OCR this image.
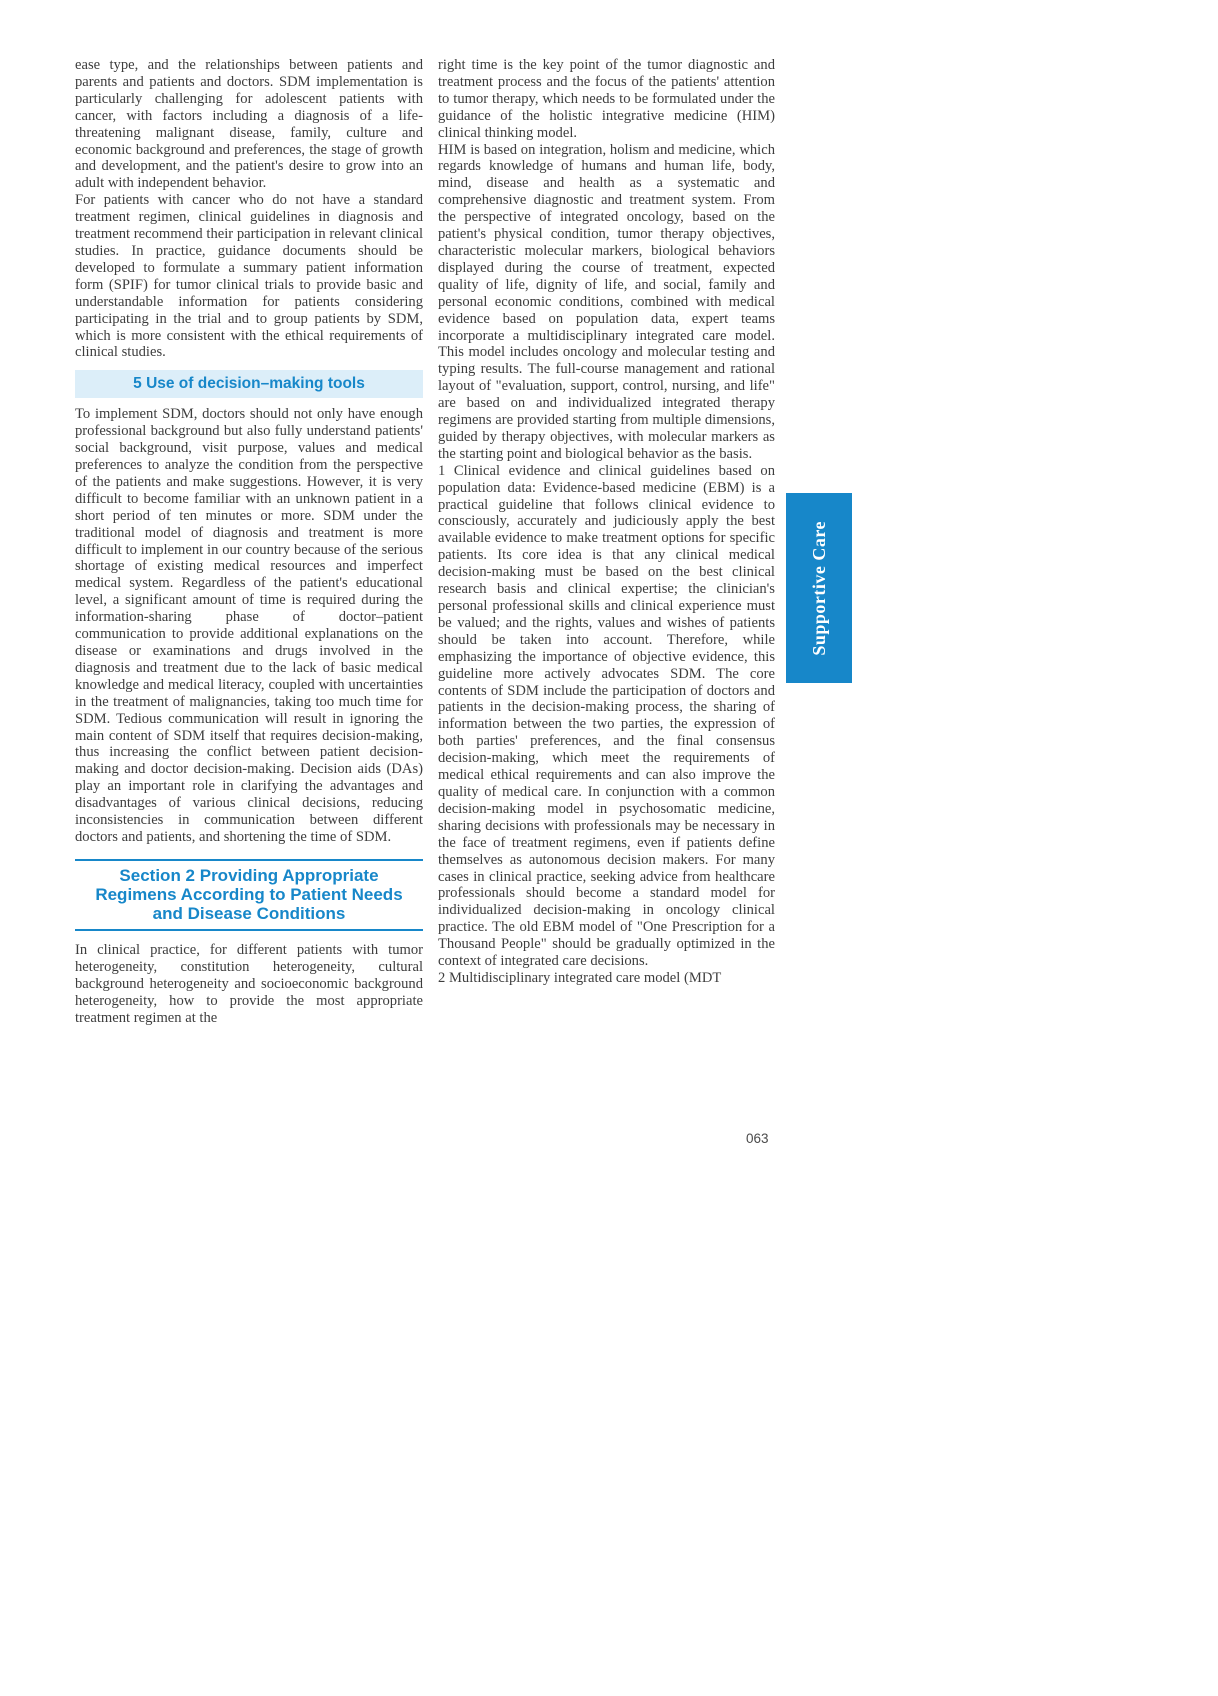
ease type, and the relationships between patients and parents and patients and doctors. SDM implementation is particularly challenging for adolescent patients with cancer, with factors including a diagnosis of a life-threatening malignant disease, family, culture and economic background and preferences, the stage of growth and development, and the patient's desire to grow into an adult with independent behavior.

For patients with cancer who do not have a standard treatment regimen, clinical guidelines in diagnosis and treatment recommend their participation in relevant clinical studies. In practice, guidance documents should be developed to formulate a summary patient information form (SPIF) for tumor clinical trials to provide basic and understandable information for patients considering participating in the trial and to group patients by SDM, which is more consistent with the ethical requirements of clinical studies.

5 Use of decision–making tools

To implement SDM, doctors should not only have enough professional background but also fully understand patients' social background, visit purpose, values and medical preferences to analyze the condition from the perspective of the patients and make suggestions. However, it is very difficult to become familiar with an unknown patient in a short period of ten minutes or more. SDM under the traditional model of diagnosis and treatment is more difficult to implement in our country because of the serious shortage of existing medical resources and imperfect medical system. Regardless of the patient's educational level, a significant amount of time is required during the information-sharing phase of doctor–patient communication to provide additional explanations on the disease or examinations and drugs involved in the diagnosis and treatment due to the lack of basic medical knowledge and medical literacy, coupled with uncertainties in the treatment of malignancies, taking too much time for SDM. Tedious communication will result in ignoring the main content of SDM itself that requires decision-making, thus increasing the conflict between patient decision-making and doctor decision-making. Decision aids (DAs) play an important role in clarifying the advantages and disadvantages of various clinical decisions, reducing inconsistencies in communication between different doctors and patients, and shortening the time of SDM.

Section 2 Providing Appropriate
Regimens According to Patient Needs
and Disease Conditions

In clinical practice, for different patients with tumor heterogeneity, constitution heterogeneity, cultural background heterogeneity and socioeconomic background heterogeneity, how to provide the most appropriate treatment regimen at the

right time is the key point of the tumor diagnostic and treatment process and the focus of the patients' attention to tumor therapy, which needs to be formulated under the guidance of the holistic integrative medicine (HIM) clinical thinking model.

HIM is based on integration, holism and medicine, which regards knowledge of humans and human life, body, mind, disease and health as a systematic and comprehensive diagnostic and treatment system. From the perspective of integrated oncology, based on the patient's physical condition, tumor therapy objectives, characteristic molecular markers, biological behaviors displayed during the course of treatment, expected quality of life, dignity of life, and social, family and personal economic conditions, combined with medical evidence based on population data, expert teams incorporate a multidisciplinary integrated care model. This model includes oncology and molecular testing and typing results. The full-course management and rational layout of "evaluation, support, control, nursing, and life" are based on and individualized integrated therapy regimens are provided starting from multiple dimensions, guided by therapy objectives, with molecular markers as the starting point and biological behavior as the basis.

1 Clinical evidence and clinical guidelines based on population data: Evidence-based medicine (EBM) is a practical guideline that follows clinical evidence to consciously, accurately and judiciously apply the best available evidence to make treatment options for specific patients. Its core idea is that any clinical medical decision-making must be based on the best clinical research basis and clinical expertise; the clinician's personal professional skills and clinical experience must be valued; and the rights, values and wishes of patients should be taken into account. Therefore, while emphasizing the importance of objective evidence, this guideline more actively advocates SDM. The core contents of SDM include the participation of doctors and patients in the decision-making process, the sharing of information between the two parties, the expression of both parties' preferences, and the final consensus decision-making, which meet the requirements of medical ethical requirements and can also improve the quality of medical care. In conjunction with a common decision-making model in psychosomatic medicine, sharing decisions with professionals may be necessary in the face of treatment regimens, even if patients define themselves as autonomous decision makers. For many cases in clinical practice, seeking advice from healthcare professionals should become a standard model for individualized decision-making in oncology clinical practice. The old EBM model of "One Prescription for a Thousand People" should be gradually optimized in the context of integrated care decisions.

2 Multidisciplinary integrated care model (MDT

Supportive Care
063
